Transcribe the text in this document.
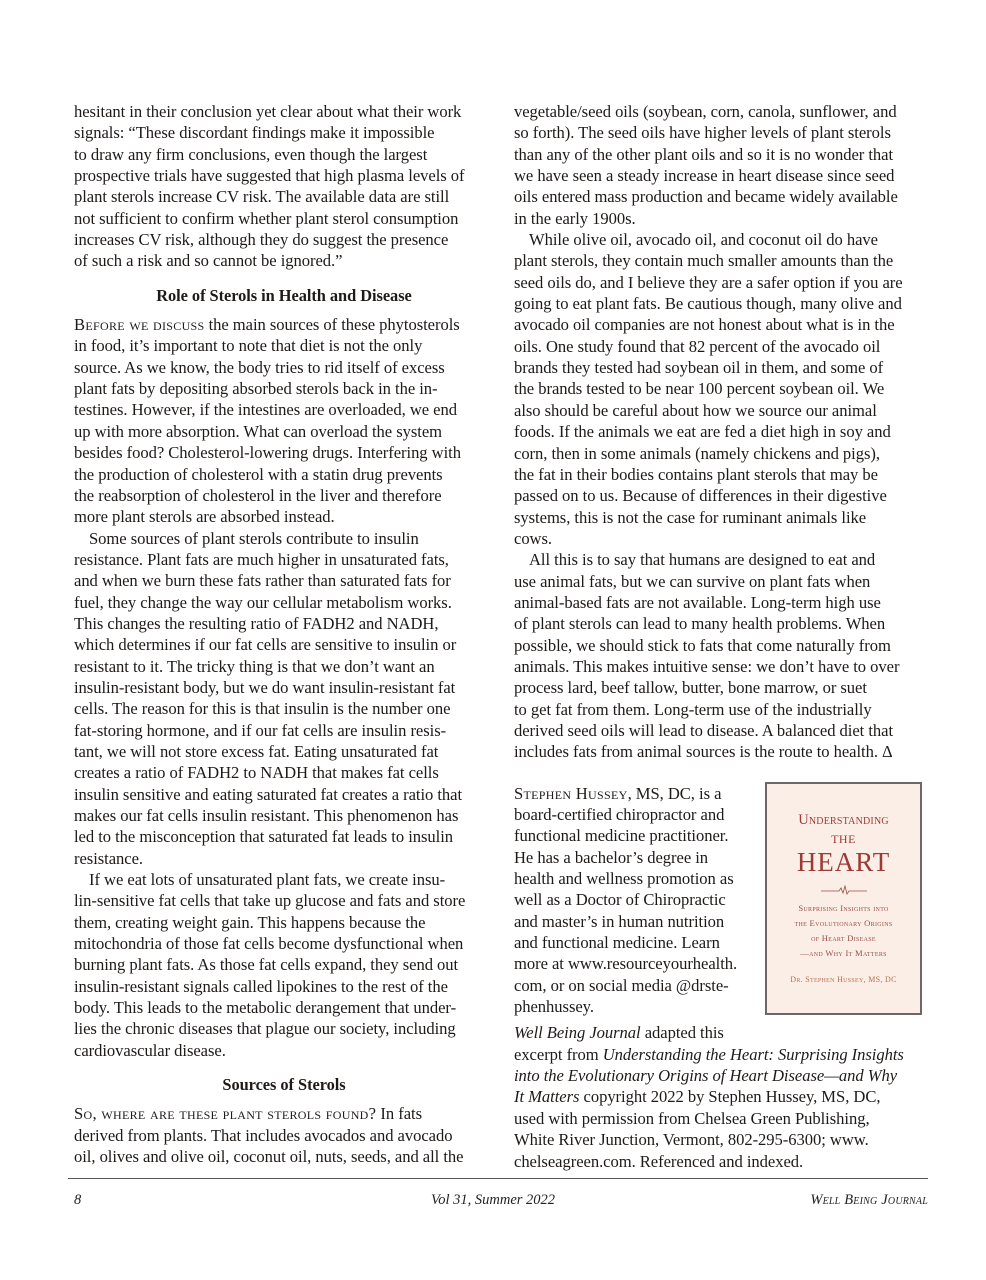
hesitant in their conclusion yet clear about what their work
signals: “These discordant findings make it impossible
to draw any firm conclusions, even though the largest
prospective trials have suggested that high plasma levels of
plant sterols increase CV risk. The available data are still
not sufficient to confirm whether plant sterol consumption
increases CV risk, although they do suggest the presence
of such a risk and so cannot be ignored.”
Role of Sterols in Health and Disease
Before we discuss the main sources of these phytosterols
in food, it’s important to note that diet is not the only
source. As we know, the body tries to rid itself of excess
plant fats by depositing absorbed sterols back in the in-
testines. However, if the intestines are overloaded, we end
up with more absorption. What can overload the system
besides food? Cholesterol-lowering drugs. Interfering with
the production of cholesterol with a statin drug prevents
the reabsorption of cholesterol in the liver and therefore
more plant sterols are absorbed instead.
Some sources of plant sterols contribute to insulin
resistance. Plant fats are much higher in unsaturated fats,
and when we burn these fats rather than saturated fats for
fuel, they change the way our cellular metabolism works.
This changes the resulting ratio of FADH2 and NADH,
which determines if our fat cells are sensitive to insulin or
resistant to it. The tricky thing is that we don’t want an
insulin-resistant body, but we do want insulin-resistant fat
cells. The reason for this is that insulin is the number one
fat-storing hormone, and if our fat cells are insulin resis-
tant, we will not store excess fat. Eating unsaturated fat
creates a ratio of FADH2 to NADH that makes fat cells
insulin sensitive and eating saturated fat creates a ratio that
makes our fat cells insulin resistant. This phenomenon has
led to the misconception that saturated fat leads to insulin
resistance.
If we eat lots of unsaturated plant fats, we create insu-
lin-sensitive fat cells that take up glucose and fats and store
them, creating weight gain. This happens because the
mitochondria of those fat cells become dysfunctional when
burning plant fats. As those fat cells expand, they send out
insulin-resistant signals called lipokines to the rest of the
body. This leads to the metabolic derangement that under-
lies the chronic diseases that plague our society, including
cardiovascular disease.
Sources of Sterols
So, where are these plant sterols found? In fats
derived from plants. That includes avocados and avocado
oil, olives and olive oil, coconut oil, nuts, seeds, and all the
vegetable/seed oils (soybean, corn, canola, sunflower, and
so forth). The seed oils have higher levels of plant sterols
than any of the other plant oils and so it is no wonder that
we have seen a steady increase in heart disease since seed
oils entered mass production and became widely available
in the early 1900s.
While olive oil, avocado oil, and coconut oil do have
plant sterols, they contain much smaller amounts than the
seed oils do, and I believe they are a safer option if you are
going to eat plant fats. Be cautious though, many olive and
avocado oil companies are not honest about what is in the
oils. One study found that 82 percent of the avocado oil
brands they tested had soybean oil in them, and some of
the brands tested to be near 100 percent soybean oil. We
also should be careful about how we source our animal
foods. If the animals we eat are fed a diet high in soy and
corn, then in some animals (namely chickens and pigs),
the fat in their bodies contains plant sterols that may be
passed on to us. Because of differences in their digestive
systems, this is not the case for ruminant animals like
cows.
All this is to say that humans are designed to eat and
use animal fats, but we can survive on plant fats when
animal-based fats are not available. Long-term high use
of plant sterols can lead to many health problems. When
possible, we should stick to fats that come naturally from
animals. This makes intuitive sense: we don’t have to over
process lard, beef tallow, butter, bone marrow, or suet
to get fat from them. Long-term use of the industrially
derived seed oils will lead to disease. A balanced diet that
includes fats from animal sources is the route to health. Δ
Stephen Hussey, MS, DC, is a
board-certified chiropractor and
functional medicine practitioner.
He has a bachelor’s degree in
health and wellness promotion as
well as a Doctor of Chiropractic
and master’s in human nutrition
and functional medicine. Learn
more at www.resourceyourhealth.
com, or on social media @drste-
phenhussey.
Well Being Journal adapted this
excerpt from Understanding the Heart: Surprising Insights
into the Evolutionary Origins of Heart Disease—and Why
It Matters copyright 2022 by Stephen Hussey, MS, DC,
used with permission from Chelsea Green Publishing,
White River Junction, Vermont, 802-295-6300; www.
chelseagreen.com. Referenced and indexed.
Understanding
THE
HEART
Surprising Insights into
the Evolutionary Origins
of Heart Disease
—and Why It Matters
Dr. Stephen Hussey, MS, DC
8	Vol 31, Summer 2022	Well Being Journal
